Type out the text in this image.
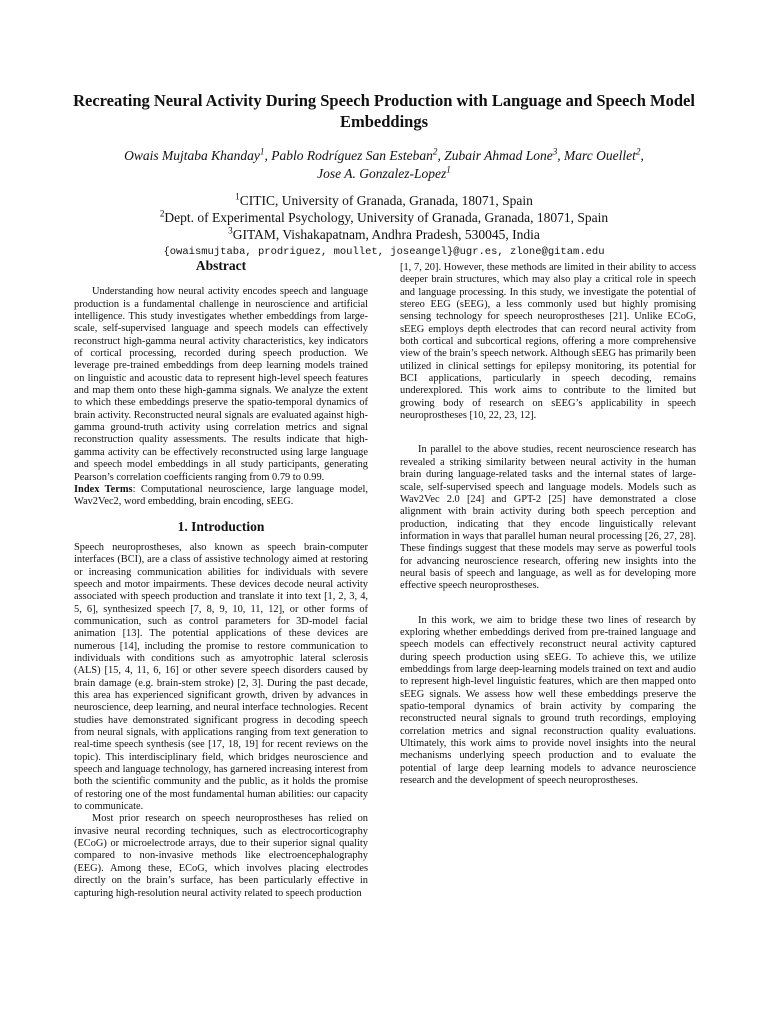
Recreating Neural Activity During Speech Production with Language and Speech Model Embeddings
Owais Mujtaba Khanday$^1$, Pablo Rodríguez San Esteban$^2$, Zubair Ahmad Lone$^3$, Marc Ouellet$^2$,
Jose A. Gonzalez-Lopez$^1$
$^1$CITIC, University of Granada, Granada, 18071, Spain
$^2$Dept. of Experimental Psychology, University of Granada, Granada, 18071, Spain
$^3$GITAM, Vishakapatnam, Andhra Pradesh, 530045, India
{owaismujtaba, prodriguez, moullet, joseangel}@ugr.es, zlone@gitam.edu
Abstract

Understanding how neural activity encodes speech and language production is a fundamental challenge in neuroscience and artificial intelligence. This study investigates whether embeddings from large-scale, self-supervised language and speech models can effectively reconstruct high-gamma neural activity characteristics, key indicators of cortical processing, recorded during speech production. We leverage pre-trained embeddings from deep learning models trained on linguistic and acoustic data to represent high-level speech features and map them onto these high-gamma signals. We analyze the extent to which these embeddings preserve the spatio-temporal dynamics of brain activity. Reconstructed neural signals are evaluated against high-gamma ground-truth activity using correlation metrics and signal reconstruction quality assessments. The results indicate that high-gamma activity can be effectively reconstructed using large language and speech model embeddings in all study participants, generating Pearson’s correlation coefficients ranging from 0.79 to 0.99.

Index Terms: Computational neuroscience, large language model, Wav2Vec2, word embedding, brain encoding, sEEG.

1. Introduction

Speech neuroprostheses, also known as speech brain-computer interfaces (BCI), are a class of assistive technology aimed at restoring or increasing communication abilities for individuals with severe speech and motor impairments. These devices decode neural activity associated with speech production and translate it into text [1, 2, 3, 4, 5, 6], synthesized speech [7, 8, 9, 10, 11, 12], or other forms of communication, such as control parameters for 3D-model facial animation [13]. The potential applications of these devices are numerous [14], including the promise to restore communication to individuals with conditions such as amyotrophic lateral sclerosis (ALS) [15, 4, 11, 6, 16] or other severe speech disorders caused by brain damage (e.g. brain-stem stroke) [2, 3]. During the past decade, this area has experienced significant growth, driven by advances in neuroscience, deep learning, and neural interface technologies. Recent studies have demonstrated significant progress in decoding speech from neural signals, with applications ranging from text generation to real-time speech synthesis (see [17, 18, 19] for recent reviews on the topic). This interdisciplinary field, which bridges neuroscience and speech and language technology, has garnered increasing interest from both the scientific community and the public, as it holds the promise of restoring one of the most fundamental human abilities: our capacity to communicate.

Most prior research on speech neuroprostheses has relied on invasive neural recording techniques, such as electrocorticography (ECoG) or microelectrode arrays, due to their superior signal quality compared to non-invasive methods like electroencephalography (EEG). Among these, ECoG, which involves placing electrodes directly on the brain’s surface, has been particularly effective in capturing high-resolution neural activity related to speech production

[1, 7, 20]. However, these methods are limited in their ability to access deeper brain structures, which may also play a critical role in speech and language processing. In this study, we investigate the potential of stereo EEG (sEEG), a less commonly used but highly promising sensing technology for speech neuroprostheses [21]. Unlike ECoG, sEEG employs depth electrodes that can record neural activity from both cortical and subcortical regions, offering a more comprehensive view of the brain’s speech network. Although sEEG has primarily been utilized in clinical settings for epilepsy monitoring, its potential for BCI applications, particularly in speech decoding, remains underexplored. This work aims to contribute to the limited but growing body of research on sEEG’s applicability in speech neuroprostheses [10, 22, 23, 12].

In parallel to the above studies, recent neuroscience research has revealed a striking similarity between neural activity in the human brain during language-related tasks and the internal states of large-scale, self-supervised speech and language models. Models such as Wav2Vec 2.0 [24] and GPT-2 [25] have demonstrated a close alignment with brain activity during both speech perception and production, indicating that they encode linguistically relevant information in ways that parallel human neural processing [26, 27, 28]. These findings suggest that these models may serve as powerful tools for advancing neuroscience research, offering new insights into the neural basis of speech and language, as well as for developing more effective speech neuroprostheses.

In this work, we aim to bridge these two lines of research by exploring whether embeddings derived from pre-trained language and speech models can effectively reconstruct neural activity captured during speech production using sEEG. To achieve this, we utilize embeddings from large deep-learning models trained on text and audio to represent high-level linguistic features, which are then mapped onto sEEG signals. We assess how well these embeddings preserve the spatio-temporal dynamics of brain activity by comparing the reconstructed neural signals to ground truth recordings, employing correlation metrics and signal reconstruction quality evaluations. Ultimately, this work aims to provide novel insights into the neural mechanisms underlying speech production and to evaluate the potential of large deep learning models to advance neuroscience research and the development of speech neuroprostheses.
